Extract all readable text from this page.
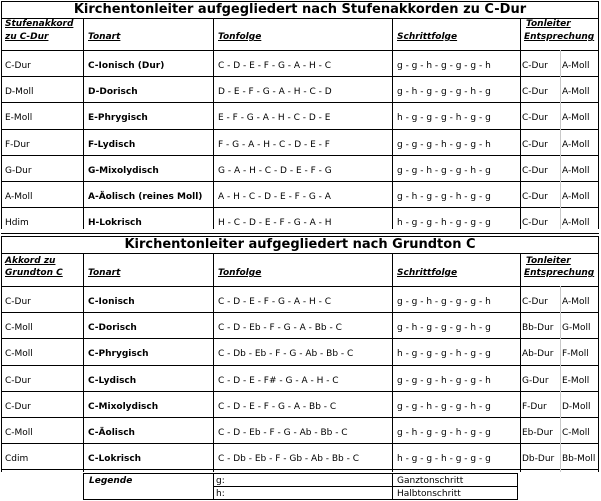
Kirchentonleiter aufgegliedert nach Stufenakkorden zu C-Dur
Stufenakkord
zu C-Dur	Tonart	Tonfolge	Schrittfolge
Tonleiter
Entsprechung
C-Dur	C-Ionisch (Dur)	C - D - E - F - G - A - H - C	g - g - h - g - g - g - h	C-Dur A-Moll
D-Moll	D-Dorisch	D - E - F - G - A - H - C - D	g - h - g - g - g - h - g	C-Dur A-Moll
E-Moll	E-Phrygisch	E - F - G - A - H - C - D - E	h - g - g - g - h - g - g	C-Dur A-Moll
F-Dur	F-Lydisch	F - G - A - H - C - D - E - F	g - g - g - h - g - g - h	C-Dur A-Moll
G-Dur	G-Mixolydisch	G - A - H - C - D - E - F - G	g - g - h - g - g - h - g	C-Dur A-Moll
A-Moll	A-Äolisch (reines Moll) A - H - C - D - E - F - G - A	g - h - g - g - h - g - g	C-Dur A-Moll
Hdim	H-Lokrisch	H - C - D - E - F - G - A - H	h - g - g - h - g - g - g	C-Dur A-Moll
Kirchentonleiter aufgegliedert nach Grundton C
Akkord zu
Grundton C	Tonart	Tonfolge	Schrittfolge
Tonleiter
Entsprechung
C-Dur	C-Ionisch	C - D - E - F - G - A - H - C	g - g - h - g - g - g - h	C-Dur A-Moll
C-Moll	C-Dorisch	C - D - Eb - F - G - A - Bb - C	g - h - g - g - g - h - g	Bb-Dur G-Moll
C-Moll	C-Phrygisch	C - Db - Eb - F - G - Ab - Bb - C	h - g - g - g - h - g - g	Ab-Dur F-Moll
C-Dur	C-Lydisch	C - D - E - F# - G - A - H - C	g - g - g - h - g - g - h	G-Dur E-Moll
C-Dur	C-Mixolydisch	C - D - E - F - G - A - Bb - C	g - g - h - g - g - h - g	F-Dur D-Moll
C-Moll	C-Äolisch	C - D - Eb - F - G - Ab - Bb - C	g - h - g - g - h - g - g	Eb-Dur C-Moll
Cdim	C-Lokrisch	C - Db - Eb - F - Gb - Ab - Bb - C	h - g - g - h - g - g - g	Db-Dur Bb-Moll
Legende	g:	Ganztonschritt
h:	Halbtonschritt
